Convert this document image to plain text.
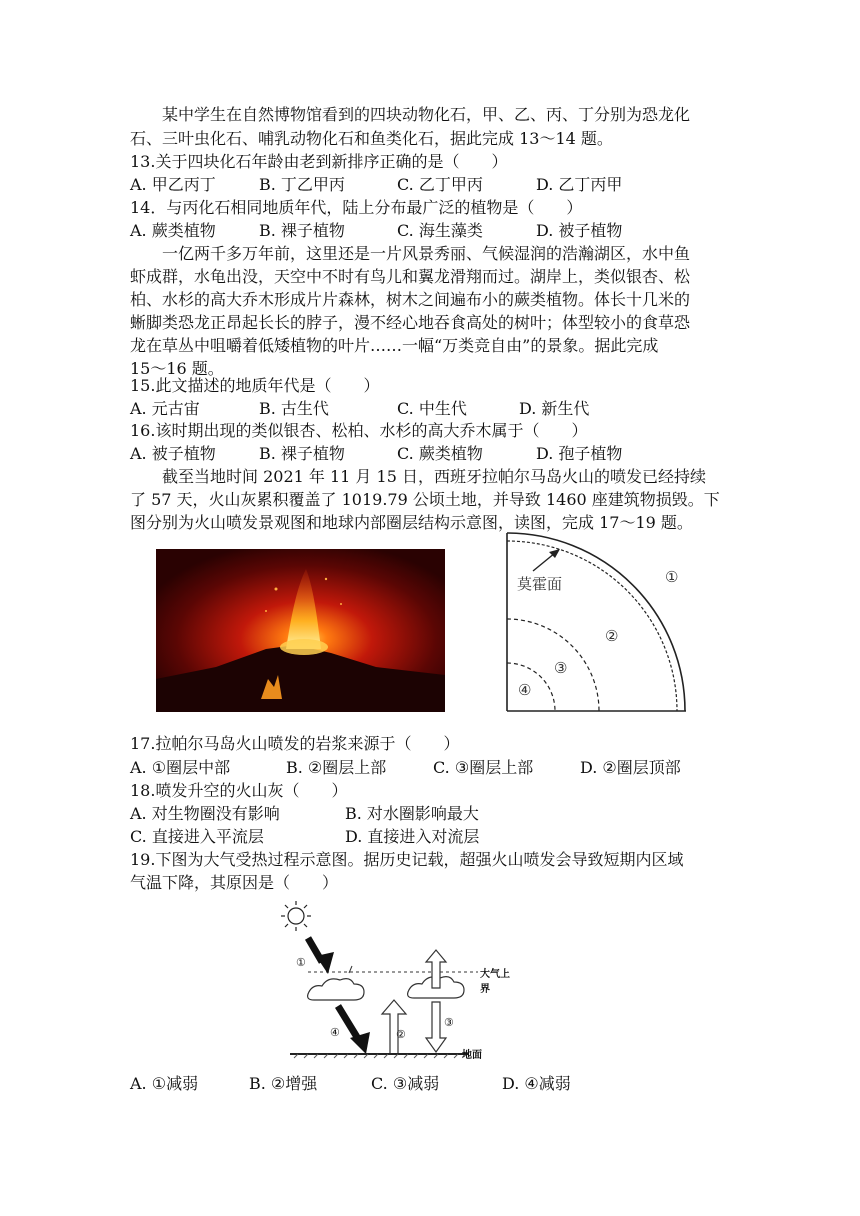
某中学生在自然博物馆看到的四块动物化石，甲、乙、丙、丁分别为恐龙化
石、三叶虫化石、哺乳动物化石和鱼类化石，据此完成 13～14 题。
13.关于四块化石年龄由老到新排序正确的是（　　）
A. 甲乙丙丁	B. 丁乙甲丙	C. 乙丁甲丙	D. 乙丁丙甲
14．与丙化石相同地质年代，陆上分布最广泛的植物是（　　）
A. 蕨类植物	B. 裸子植物	C. 海生藻类	D. 被子植物
一亿两千多万年前，这里还是一片风景秀丽、气候湿润的浩瀚湖区，水中鱼
虾成群，水龟出没，天空中不时有鸟儿和翼龙滑翔而过。湖岸上，类似银杏、松
柏、水杉的高大乔木形成片片森林，树木之间遍布小的蕨类植物。体长十几米的
蜥脚类恐龙正昂起长长的脖子，漫不经心地吞食高处的树叶；体型较小的食草恐
龙在草丛中咀嚼着低矮植物的叶片……一幅“万类竞自由”的景象。据此完成
15～16 题。
15.此文描述的地质年代是（　　）
A. 元古宙	B. 古生代	C. 中生代	D. 新生代
16.该时期出现的类似银杏、松柏、水杉的高大乔木属于（　　）
A. 被子植物	B. 裸子植物	C. 蕨类植物	D. 孢子植物
截至当地时间 2021 年 11 月 15 日，西班牙拉帕尔马岛火山的喷发已经持续
了 57 天，火山灰累积覆盖了 1019.79 公顷土地，并导致 1460 座建筑物损毁。下
图分别为火山喷发景观图和地球内部圈层结构示意图，读图，完成 17～19 题。
莫霍面	①
②
③
④
17.拉帕尔马岛火山喷发的岩浆来源于（　　）
A. ①圈层中部	B. ②圈层上部	C. ③圈层上部	D. ②圈层顶部
18.喷发升空的火山灰（　　）
A. 对生物圈没有影响	B. 对水圈影响最大
C. 直接进入平流层	D. 直接进入对流层
19.下图为大气受热过程示意图。据历史记载，超强火山喷发会导致短期内区域
气温下降，其原因是（　　）
①
④	②
③
大气上界
地面
A. ①减弱	B. ②增强	C. ③减弱	D. ④减弱
